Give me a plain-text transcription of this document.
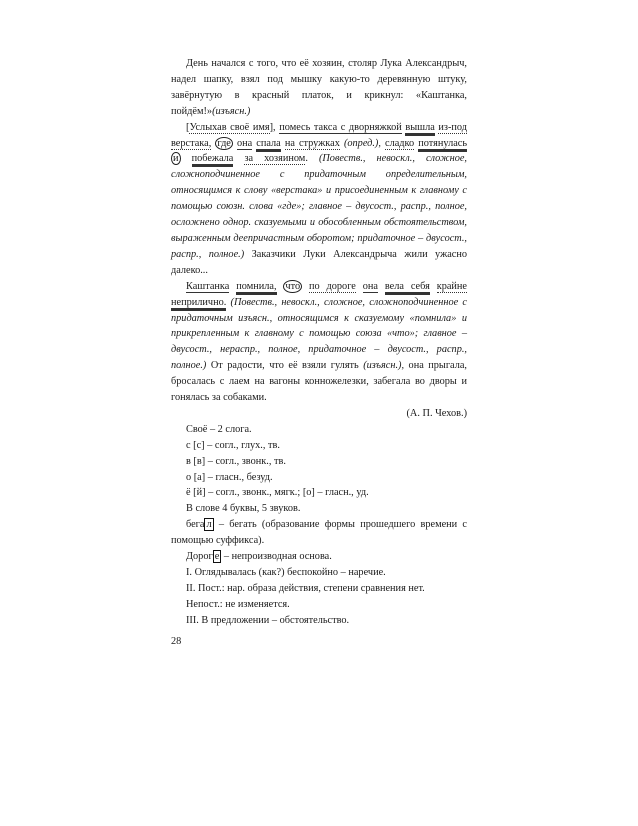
День начался с того, что её хозяин, столяр Лука Александрыч, надел шапку, взял под мышку какую-то деревянную штуку, завёрнутую в красный платок, и крикнул: «Каштанка, пойдём!»(изъясн.)

[Услыхав своё имя], помесь такса с дворняжкой вышла из-под верстака, где она спала на стружках (опред.), сладко потянулась и побежала за хозяином. (Повеств., невоскл., сложное, сложноподчиненное с придаточным определительным, относящимся к слову «верстака» и присоединенным к главному с помощью союзн. слова «где»; главное – двусост., распр., полное, осложнено однор. сказуемыми и обособленным обстоятельством, выраженным деепричастным оборотом; придаточное – двусост., распр., полное.) Заказчики Луки Александрыча жили ужасно далеко...

Каштанка помнила, что по дороге она вела себя крайне неприлично. (Повеств., невоскл., сложное, сложноподчиненное с придаточным изъясн., относящимся к сказуемому «помнила» и прикрепленным к главному с помощью союза «что»; главное – двусост., нераспр., полное, придаточное – двусост., распр., полное.) От радости, что её взяли гулять (изъясн.), она прыгала, бросалась с лаем на вагоны конножелезки, забегала во дворы и гонялась за собаками.

(А. П. Чехов.)

Своё – 2 слога.

с [с] – согл., глух., тв.

в [в] – согл., звонк., тв.

о [а] – гласн., безуд.

ё [й] – согл., звонк., мягк.; [о] – гласн., уд.

В слове 4 буквы, 5 звуков.

бега л – бегать (образование формы прошедшего времени с помощью суффикса).

Дорог е – непроизводная основа.

I. Оглядывалась (как?) беспокойно – наречие.

II. Пост.: нар. образа действия, степени сравнения нет.

Непост.: не изменяется.

III. В предложении – обстоятельство.

28
